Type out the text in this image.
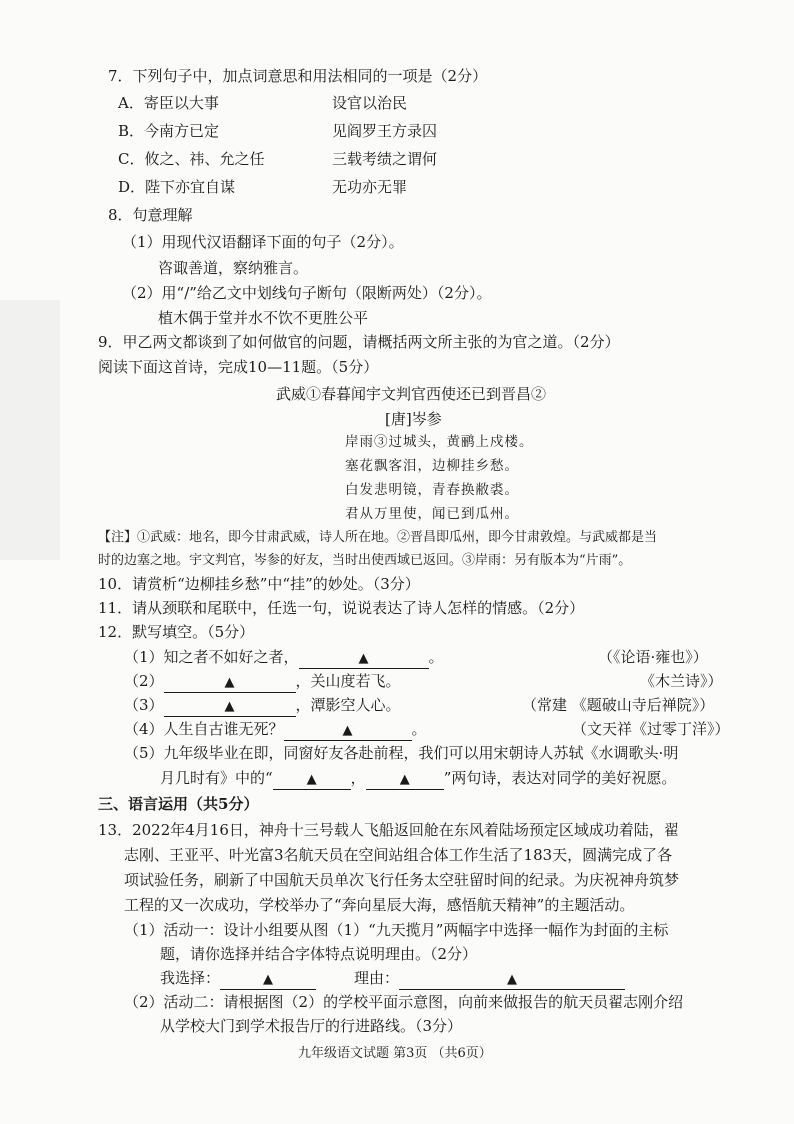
7．下列句子中，加点词意思和用法相同的一项是（2分）
A．寄臣以大事	设官以治民
B．今南方已定	见阎罗王方录囚
C．攸之、祎、允之任	三载考绩之谓何
D．陛下亦宜自谋	无功亦无罪
8．句意理解
（1）用现代汉语翻译下面的句子（2分）。
咨诹善道，察纳雅言。
（2）用“/”给乙文中划线句子断句（限断两处）（2分）。
植木偶于堂并水不饮不更胜公平
9．甲乙两文都谈到了如何做官的问题，请概括两文所主张的为官之道。（2分）
阅读下面这首诗，完成10—11题。（5分）
武威①春暮闻宇文判官西使还已到晋昌②
[唐]岑参
岸雨③过城头，黄鹂上戍楼。
塞花飘客泪，边柳挂乡愁。
白发悲明镜，青春换敝裘。
君从万里使，闻已到瓜州。
【注】①武威：地名，即今甘肃武威，诗人所在地。②晋昌即瓜州，即今甘肃敦煌。与武威都是当
时的边塞之地。宇文判官，岑参的好友，当时出使西域已返回。③岸雨：另有版本为“片雨”。
10．请赏析“边柳挂乡愁”中“挂”的妙处。（3分）
11．请从颈联和尾联中，任选一句，说说表达了诗人怎样的情感。（2分）
12．默写填空。（5分）
（1）知之者不如好之者，	▲	。	（《论语·雍也》）
（2）	▲	，关山度若飞。	《木兰诗》）
（3）	▲	，潭影空人心。	（常建 《题破山寺后禅院》）
（4）人生自古谁无死？	▲	。	（文天祥《过零丁洋》）
（5）九年级毕业在即，同窗好友各赴前程，我们可以用宋朝诗人苏轼《水调歌头·明
月几时有》中的“	▲ ，	▲ ”两句诗，表达对同学的美好祝愿。
三、语言运用（共5分）
13．2022年4月16日，神舟十三号载人飞船返回舱在东风着陆场预定区域成功着陆，翟
志刚、王亚平、叶光富3名航天员在空间站组合体工作生活了183天，圆满完成了各
项试验任务，刷新了中国航天员单次飞行任务太空驻留时间的纪录。为庆祝神舟筑梦
工程的又一次成功，学校举办了“奔向星辰大海，感悟航天精神”的主题活动。
（1）活动一：设计小组要从图（1）“九天揽月”两幅字中选择一幅作为封面的主标
题，请你选择并结合字体特点说明理由。（2分）
我选择：	▲	理由：	▲
（2）活动二：请根据图（2）的学校平面示意图，向前来做报告的航天员翟志刚介绍
从学校大门到学术报告厅的行进路线。（3分）
九年级语文试题 第3页 （共6页）
